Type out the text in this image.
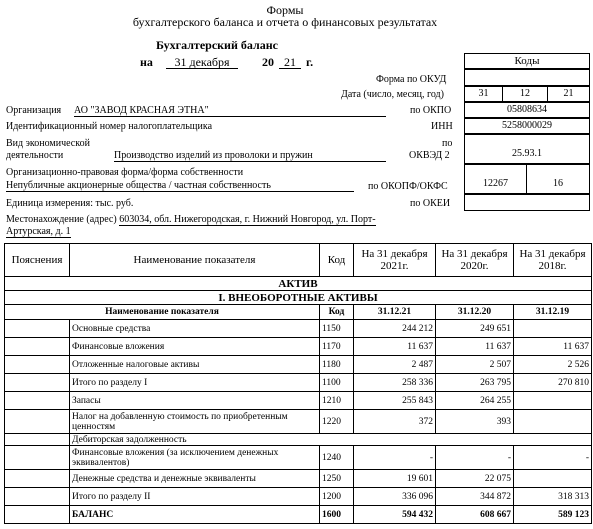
Формы
бухгалтерского баланса и отчета о финансовых результатах
Бухгалтерский баланс
на	31 декабря	20 21 г.	Коды
Форма по ОКУД
Дата (число, месяц, год)	31	12	21
Организация АО "ЗАВОД КРАСНАЯ ЭТНА"	по ОКПО	05808634
Идентификационный номер налогоплательщика	ИНН	5258000029
Вид экономической
деятельности	Производство изделий из проволоки и пружин
по
ОКВЭД 2	25.93.1
Организационно-правовая форма/форма собственности
Непубличные акционерные общества / частная собственность	по ОКОПФ/ОКФС	12267	16
Единица измерения: тыс. руб.	по ОКЕИ
Местонахождение (адрес) 603034, обл. Нижегородская, г. Нижний Новгород, ул. Порт-
Артурская, д. 1
Пояснения	Наименование показателя	Код	На 31 декабря 2021г.	На 31 декабря 2020г.	На 31 декабря 2018г.
АКТИВ					
I. ВНЕОБОРОТНЫЕ АКТИВЫ					
Наименование показателя		Код	31.12.21	31.12.20	31.12.19
	Основные средства	1150	244 212	249 651	
	Финансовые вложения	1170	11 637	11 637	11 637
	Отложенные налоговые активы	1180	2 487	2 507	2 526
	Итого по разделу I	1100	258 336	263 795	270 810
	Запасы	1210	255 843	264 255	
	Налог на добавленную стоимость по приобретенным ценностям	1220	372	393	
	Дебиторская задолженность				
	Финансовые вложения (за исключением денежных эквивалентов)	1240	-	-	-
	Денежные средства и денежные эквиваленты	1250	19 601	22 075	
	Итого по разделу II	1200	336 096	344 872	318 313
	БАЛАНС	1600	594 432	608 667	589 123
